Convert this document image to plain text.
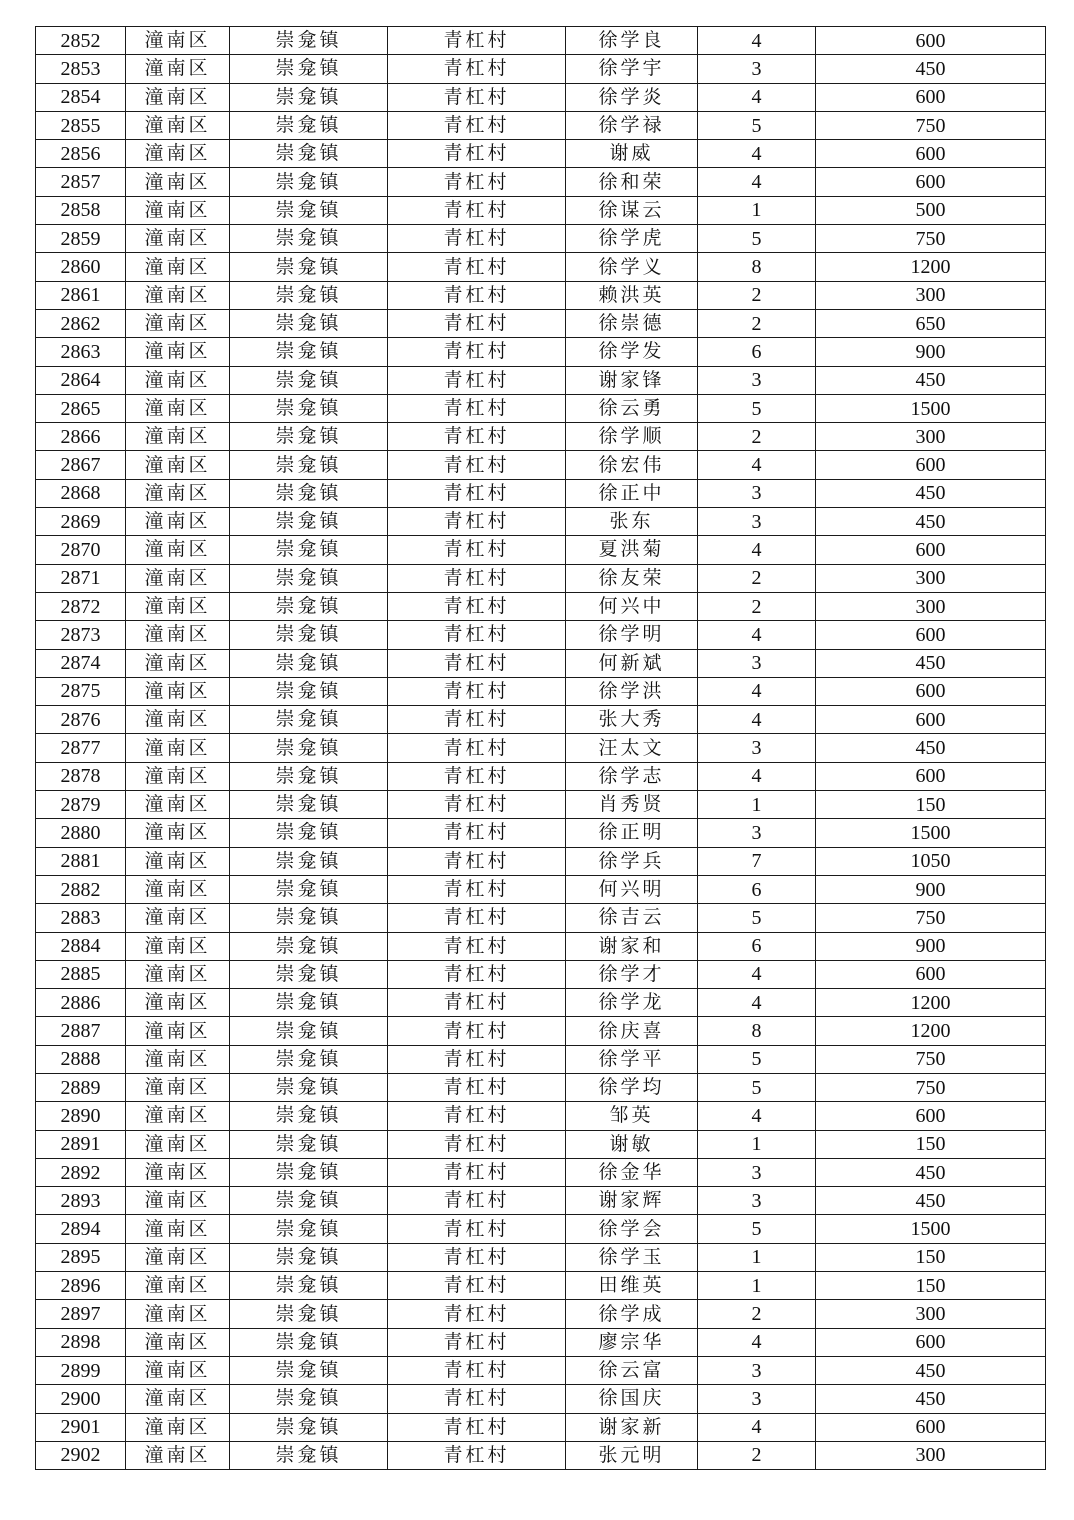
2852	潼南区	崇龛镇	青杠村	徐学良	4	600
2853	潼南区	崇龛镇	青杠村	徐学宇	3	450
2854	潼南区	崇龛镇	青杠村	徐学炎	4	600
2855	潼南区	崇龛镇	青杠村	徐学禄	5	750
2856	潼南区	崇龛镇	青杠村	谢威	4	600
2857	潼南区	崇龛镇	青杠村	徐和荣	4	600
2858	潼南区	崇龛镇	青杠村	徐谋云	1	500
2859	潼南区	崇龛镇	青杠村	徐学虎	5	750
2860	潼南区	崇龛镇	青杠村	徐学义	8	1200
2861	潼南区	崇龛镇	青杠村	赖洪英	2	300
2862	潼南区	崇龛镇	青杠村	徐崇德	2	650
2863	潼南区	崇龛镇	青杠村	徐学发	6	900
2864	潼南区	崇龛镇	青杠村	谢家锋	3	450
2865	潼南区	崇龛镇	青杠村	徐云勇	5	1500
2866	潼南区	崇龛镇	青杠村	徐学顺	2	300
2867	潼南区	崇龛镇	青杠村	徐宏伟	4	600
2868	潼南区	崇龛镇	青杠村	徐正中	3	450
2869	潼南区	崇龛镇	青杠村	张东	3	450
2870	潼南区	崇龛镇	青杠村	夏洪菊	4	600
2871	潼南区	崇龛镇	青杠村	徐友荣	2	300
2872	潼南区	崇龛镇	青杠村	何兴中	2	300
2873	潼南区	崇龛镇	青杠村	徐学明	4	600
2874	潼南区	崇龛镇	青杠村	何新斌	3	450
2875	潼南区	崇龛镇	青杠村	徐学洪	4	600
2876	潼南区	崇龛镇	青杠村	张大秀	4	600
2877	潼南区	崇龛镇	青杠村	汪太文	3	450
2878	潼南区	崇龛镇	青杠村	徐学志	4	600
2879	潼南区	崇龛镇	青杠村	肖秀贤	1	150
2880	潼南区	崇龛镇	青杠村	徐正明	3	1500
2881	潼南区	崇龛镇	青杠村	徐学兵	7	1050
2882	潼南区	崇龛镇	青杠村	何兴明	6	900
2883	潼南区	崇龛镇	青杠村	徐吉云	5	750
2884	潼南区	崇龛镇	青杠村	谢家和	6	900
2885	潼南区	崇龛镇	青杠村	徐学才	4	600
2886	潼南区	崇龛镇	青杠村	徐学龙	4	1200
2887	潼南区	崇龛镇	青杠村	徐庆喜	8	1200
2888	潼南区	崇龛镇	青杠村	徐学平	5	750
2889	潼南区	崇龛镇	青杠村	徐学均	5	750
2890	潼南区	崇龛镇	青杠村	邹英	4	600
2891	潼南区	崇龛镇	青杠村	谢敏	1	150
2892	潼南区	崇龛镇	青杠村	徐金华	3	450
2893	潼南区	崇龛镇	青杠村	谢家辉	3	450
2894	潼南区	崇龛镇	青杠村	徐学会	5	1500
2895	潼南区	崇龛镇	青杠村	徐学玉	1	150
2896	潼南区	崇龛镇	青杠村	田维英	1	150
2897	潼南区	崇龛镇	青杠村	徐学成	2	300
2898	潼南区	崇龛镇	青杠村	廖宗华	4	600
2899	潼南区	崇龛镇	青杠村	徐云富	3	450
2900	潼南区	崇龛镇	青杠村	徐国庆	3	450
2901	潼南区	崇龛镇	青杠村	谢家新	4	600
2902	潼南区	崇龛镇	青杠村	张元明	2	300
